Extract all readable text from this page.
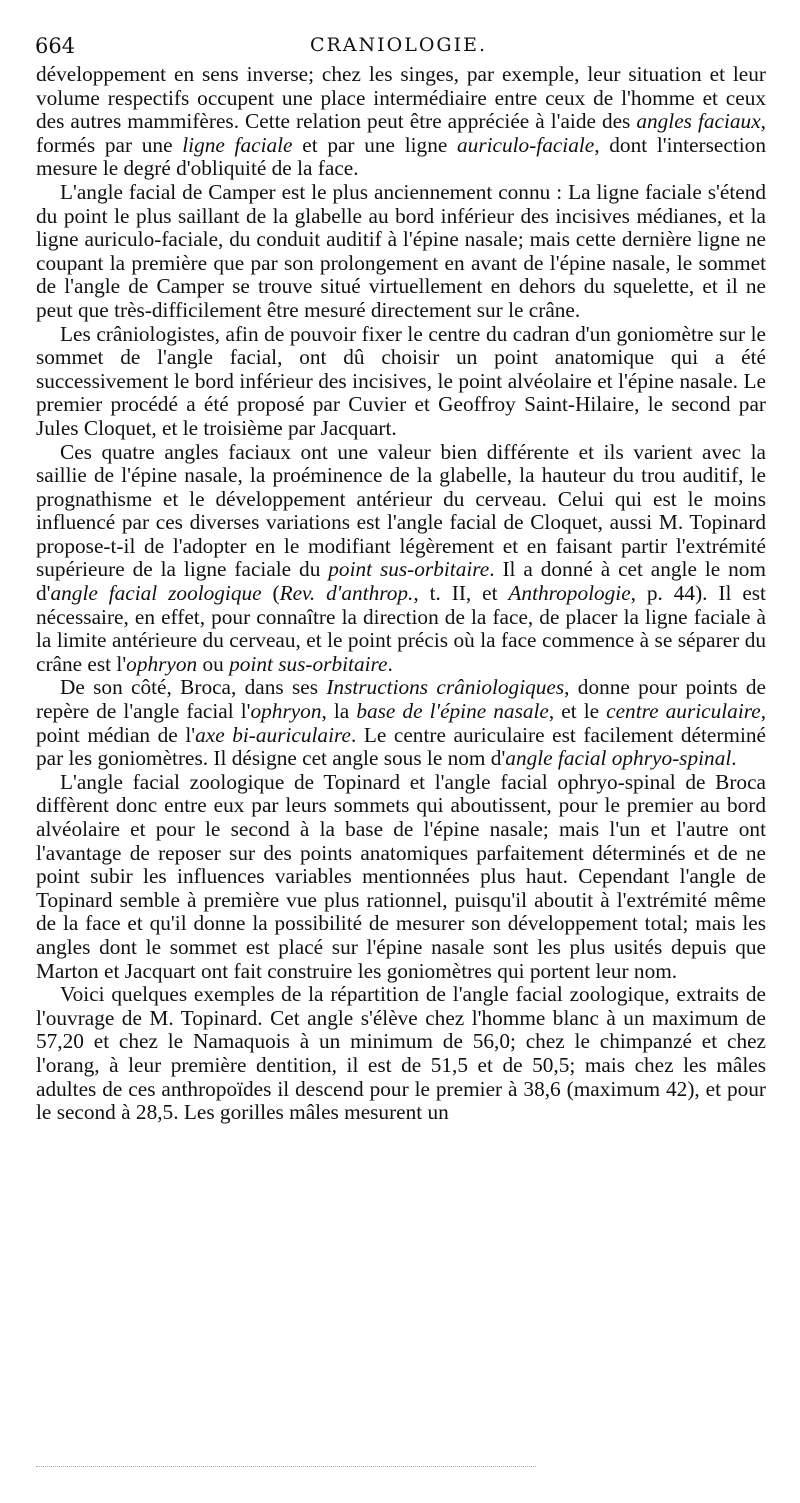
664	CRANIOLOGIE.

développement en sens inverse; chez les singes, par exemple, leur situation et leur volume respectifs occupent une place intermédiaire entre ceux de l'homme et ceux des autres mammifères. Cette relation peut être appréciée à l'aide des angles faciaux, formés par une ligne faciale et par une ligne auriculo-faciale, dont l'intersection mesure le degré d'obliquité de la face.

L'angle facial de Camper est le plus anciennement connu : La ligne faciale s'étend du point le plus saillant de la glabelle au bord inférieur des incisives médianes, et la ligne auriculo-faciale, du conduit auditif à l'épine nasale; mais cette dernière ligne ne coupant la première que par son prolongement en avant de l'épine nasale, le sommet de l'angle de Camper se trouve situé virtuellement en dehors du squelette, et il ne peut que très-difficilement être mesuré directement sur le crâne.

Les crâniologistes, afin de pouvoir fixer le centre du cadran d'un goniomètre sur le sommet de l'angle facial, ont dû choisir un point anatomique qui a été successivement le bord inférieur des incisives, le point alvéolaire et l'épine nasale. Le premier procédé a été proposé par Cuvier et Geoffroy Saint-Hilaire, le second par Jules Cloquet, et le troisième par Jacquart.

Ces quatre angles faciaux ont une valeur bien différente et ils varient avec la saillie de l'épine nasale, la proéminence de la glabelle, la hauteur du trou auditif, le prognathisme et le développement antérieur du cerveau. Celui qui est le moins influencé par ces diverses variations est l'angle facial de Cloquet, aussi M. Topinard propose-t-il de l'adopter en le modifiant légèrement et en faisant partir l'extrémité supérieure de la ligne faciale du point sus-orbitaire. Il a donné à cet angle le nom d'angle facial zoologique (Rev. d'anthrop., t. II, et Anthropologie, p. 44). Il est nécessaire, en effet, pour connaître la direction de la face, de placer la ligne faciale à la limite antérieure du cerveau, et le point précis où la face commence à se séparer du crâne est l'ophryon ou point sus-orbitaire.

De son côté, Broca, dans ses Instructions crâniologiques, donne pour points de repère de l'angle facial l'ophryon, la base de l'épine nasale, et le centre auriculaire, point médian de l'axe bi-auriculaire. Le centre auriculaire est facilement déterminé par les goniomètres. Il désigne cet angle sous le nom d'angle facial ophryo-spinal.

L'angle facial zoologique de Topinard et l'angle facial ophryo-spinal de Broca diffèrent donc entre eux par leurs sommets qui aboutissent, pour le premier au bord alvéolaire et pour le second à la base de l'épine nasale; mais l'un et l'autre ont l'avantage de reposer sur des points anatomiques parfaitement déterminés et de ne point subir les influences variables mentionnées plus haut. Cependant l'angle de Topinard semble à première vue plus rationnel, puisqu'il aboutit à l'extrémité même de la face et qu'il donne la possibilité de mesurer son développement total; mais les angles dont le sommet est placé sur l'épine nasale sont les plus usités depuis que Marton et Jacquart ont fait construire les goniomètres qui portent leur nom.

Voici quelques exemples de la répartition de l'angle facial zoologique, extraits de l'ouvrage de M. Topinard. Cet angle s'élève chez l'homme blanc à un maximum de 57,20 et chez le Namaquois à un minimum de 56,0; chez le chimpanzé et chez l'orang, à leur première dentition, il est de 51,5 et de 50,5; mais chez les mâles adultes de ces anthropoïdes il descend pour le premier à 38,6 (maximum 42), et pour le second à 28,5. Les gorilles mâles mesurent un
